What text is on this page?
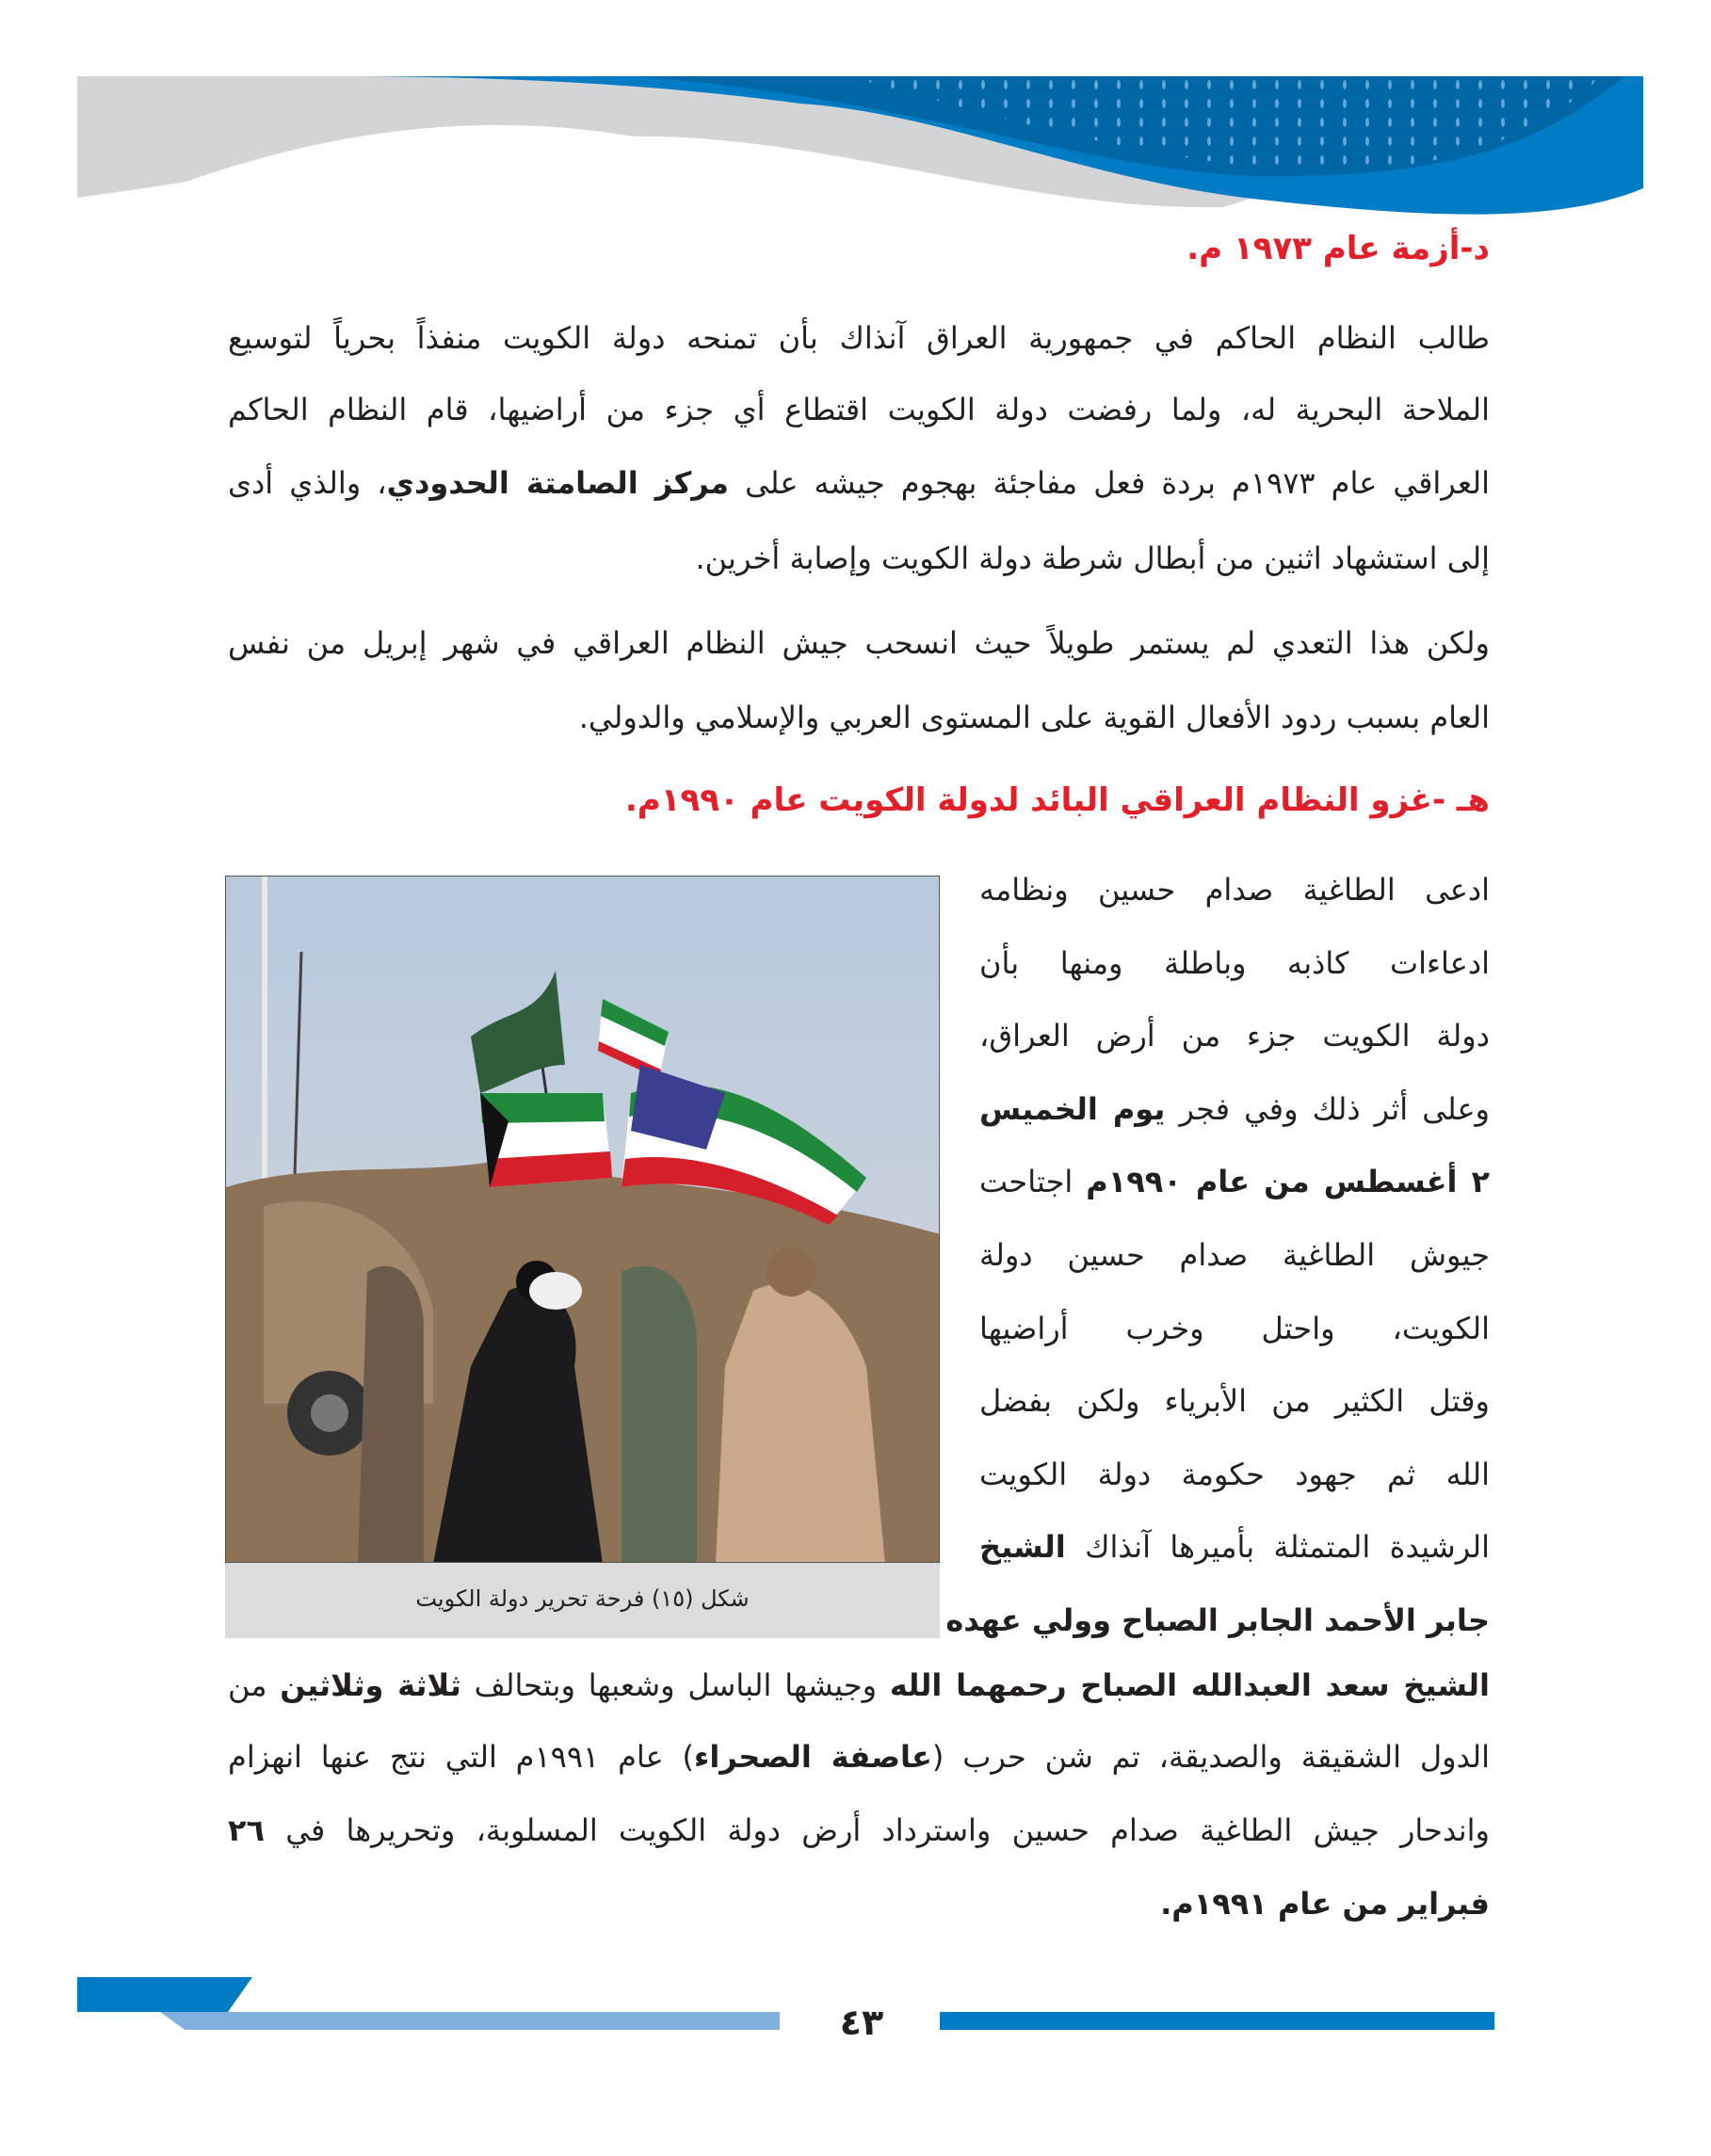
د-أزمة عام ١٩٧٣ م.
طالب النظام الحاكم في جمهورية العراق آنذاك بأن تمنحه دولة الكويت منفذاً بحرياً لتوسيع
الملاحة البحرية له، ولما رفضت دولة الكويت اقتطاع أي جزء من أراضيها، قام النظام الحاكم
العراقي عام ١٩٧٣م بردة فعل مفاجئة بهجوم جيشه على مركز الصامتة الحدودي، والذي أدى
إلى استشهاد اثنين من أبطال شرطة دولة الكويت وإصابة أخرين.
ولكن هذا التعدي لم يستمر طويلاً حيث انسحب جيش النظام العراقي في شهر إبريل من نفس
العام بسبب ردود الأفعال القوية على المستوى العربي والإسلامي والدولي.
هـ -غزو النظام العراقي البائد لدولة الكويت عام ١٩٩٠م.
شكل (١٥) فرحة تحرير دولة الكويت
ادعى الطاغية صدام حسين ونظامه
ادعاءات كاذبه وباطلة ومنها بأن
دولة الكويت جزء من أرض العراق،
وعلى أثر ذلك وفي فجر يوم الخميس
٢ أغسطس من عام ١٩٩٠م اجتاحت
جيوش الطاغية صدام حسين دولة
الكويت، واحتل وخرب أراضيها
وقتل الكثير من الأبرياء ولكن بفضل
الله ثم جهود حكومة دولة الكويت
الرشيدة المتمثلة بأميرها آنذاك الشيخ
جابر الأحمد الجابر الصباح وولي عهده
الشيخ سعد العبدالله الصباح رحمهما الله وجيشها الباسل وشعبها وبتحالف ثلاثة وثلاثين من
الدول الشقيقة والصديقة، تم شن حرب (عاصفة الصحراء) عام ١٩٩١م التي نتج عنها انهزام
واندحار جيش الطاغية صدام حسين واسترداد أرض دولة الكويت المسلوبة، وتحريرها في ٢٦
فبراير من عام ١٩٩١م.
٤٣
